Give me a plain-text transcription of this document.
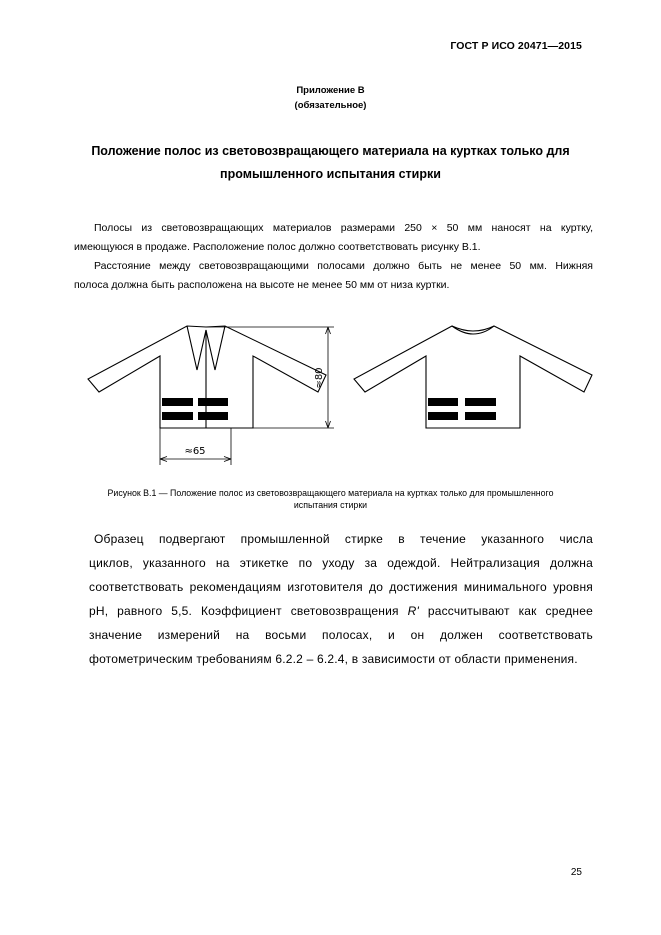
ГОСТ Р ИСО 20471—2015
Приложение В
(обязательное)
Положение полос из световозвращающего материала на куртках только для
промышленного испытания стирки
Полосы из световозвращающих материалов размерами 250 × 50 мм наносят на куртку,
имеющуюся в продаже. Расположение полос должно соответствовать рисунку В.1.
Расстояние между световозвращающими полосами должно быть не менее 50 мм. Нижняя
полоса должна быть расположена на высоте не менее 50 мм от низа куртки.
≈80
≈65
Рисунок В.1 — Положение полос из световозвращающего материала на куртках только для промышленного
испытания стирки
Образец подвергают промышленной стирке в течение указанного числа
циклов, указанного на этикетке по уходу за одеждой. Нейтрализация должна
соответствовать рекомендациям изготовителя до достижения минимального уровня
pH, равного 5,5. Коэффициент световозвращения R' рассчитывают как среднее
значение измерений на восьми полосах, и он должен соответствовать
фотометрическим требованиям 6.2.2 – 6.2.4, в зависимости от области применения.
25
